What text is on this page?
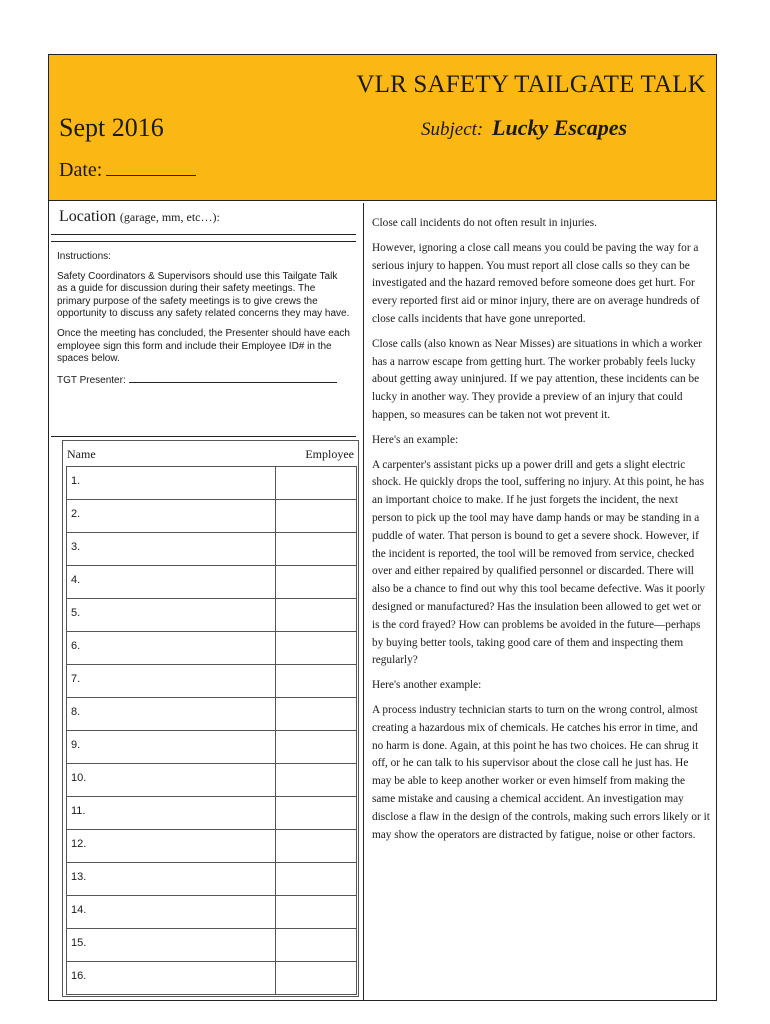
VLR SAFETY TAILGATE TALK
Sept 2016	Subject: Lucky Escapes
Date:
Location (garage, mm, etc…):

Instructions:

Safety Coordinators & Supervisors should use this Tailgate Talk as a guide for discussion during their safety meetings. The primary purpose of the safety meetings is to give crews the opportunity to discuss any safety related concerns they may have.

Once the meeting has concluded, the Presenter should have each employee sign this form and include their Employee ID# in the spaces below.

TGT Presenter:

Name	Employee
1.	
2.	
3.	
4.	
5.	
6.	
7.	
8.	
9.	
10.	
11.	
12.	
13.	
14.	
15.	
16.	

Close call incidents do not often result in injuries.

However, ignoring a close call means you could be paving the way for a serious injury to happen. You must report all close calls so they can be investigated and the hazard removed before someone does get hurt. For every reported first aid or minor injury, there are on average hundreds of close calls incidents that have gone unreported.

Close calls (also known as Near Misses) are situations in which a worker has a narrow escape from getting hurt. The worker probably feels lucky about getting away uninjured. If we pay attention, these incidents can be lucky in another way. They provide a preview of an injury that could happen, so measures can be taken not wot prevent it.

Here's an example:

A carpenter's assistant picks up a power drill and gets a slight electric shock. He quickly drops the tool, suffering no injury. At this point, he has an important choice to make. If he just forgets the incident, the next person to pick up the tool may have damp hands or may be standing in a puddle of water. That person is bound to get a severe shock. However, if the incident is reported, the tool will be removed from service, checked over and either repaired by qualified personnel or discarded. There will also be a chance to find out why this tool became defective. Was it poorly designed or manufactured? Has the insulation been allowed to get wet or is the cord frayed? How can problems be avoided in the future—perhaps by buying better tools, taking good care of them and inspecting them regularly?

Here's another example:

A process industry technician starts to turn on the wrong control, almost creating a hazardous mix of chemicals. He catches his error in time, and no harm is done. Again, at this point he has two choices. He can shrug it off, or he can talk to his supervisor about the close call he just has. He may be able to keep another worker or even himself from making the same mistake and causing a chemical accident. An investigation may disclose a flaw in the design of the controls, making such errors likely or it may show the operators are distracted by fatigue, noise or other factors.
